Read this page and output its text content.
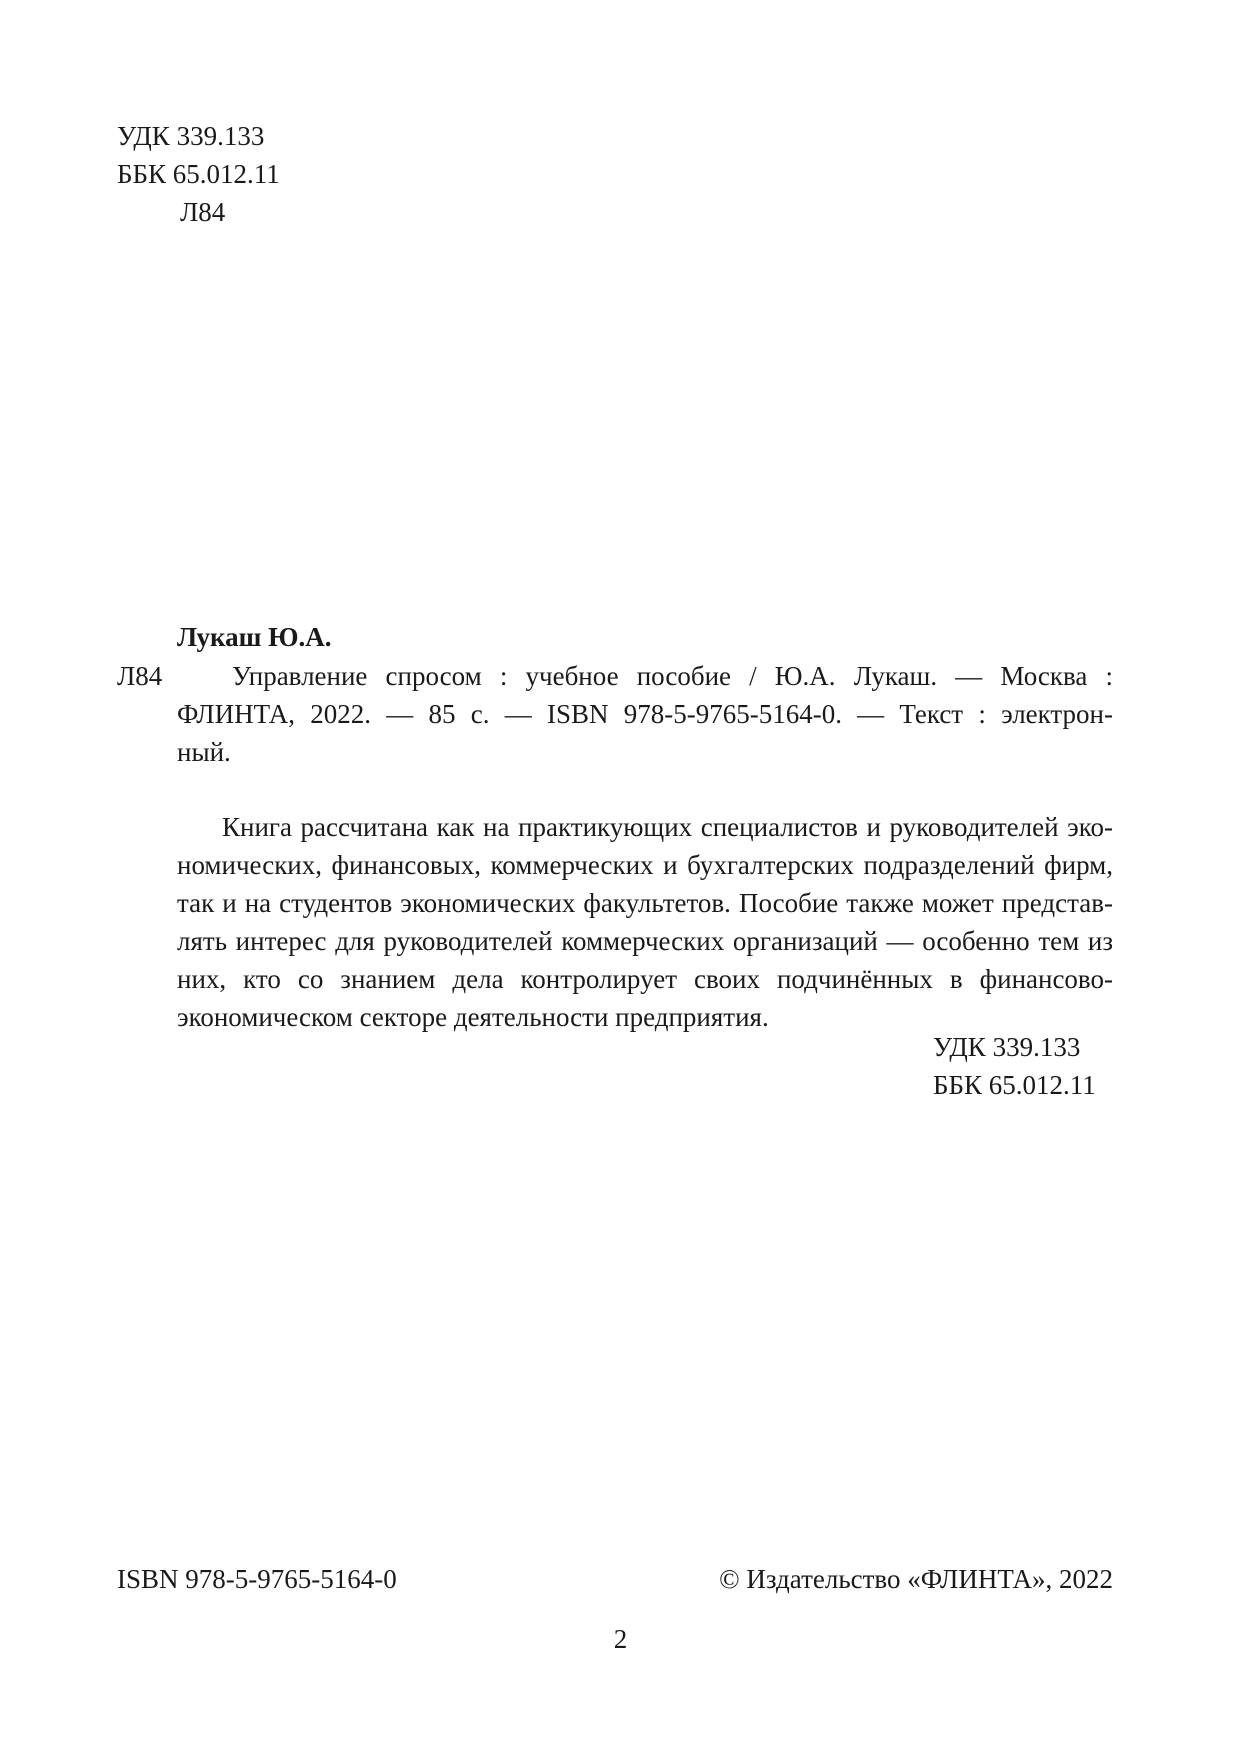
УДК 339.133
ББК 65.012.11
Л84
Лукаш Ю.А.
Л84	Управление спросом : учебное пособие / Ю.А. Лукаш. — Москва :
ФЛИНТА, 2022. — 85 с. — ISBN 978-5-9765-5164-0. — Текст : электрон-
ный.
Книга рассчитана как на практикующих специалистов и руководителей эко-
номических, финансовых, коммерческих и бухгалтерских подразделений фирм,
так и на студентов экономических факультетов. Пособие также может представ-
лять интерес для руководителей коммерческих организаций — особенно тем из
них, кто со знанием дела контролирует своих подчинённых в финансово-
экономическом секторе деятельности предприятия.
УДК 339.133
ББК 65.012.11
ISBN 978-5-9765-5164-0	© Издательство «ФЛИНТА», 2022
2
